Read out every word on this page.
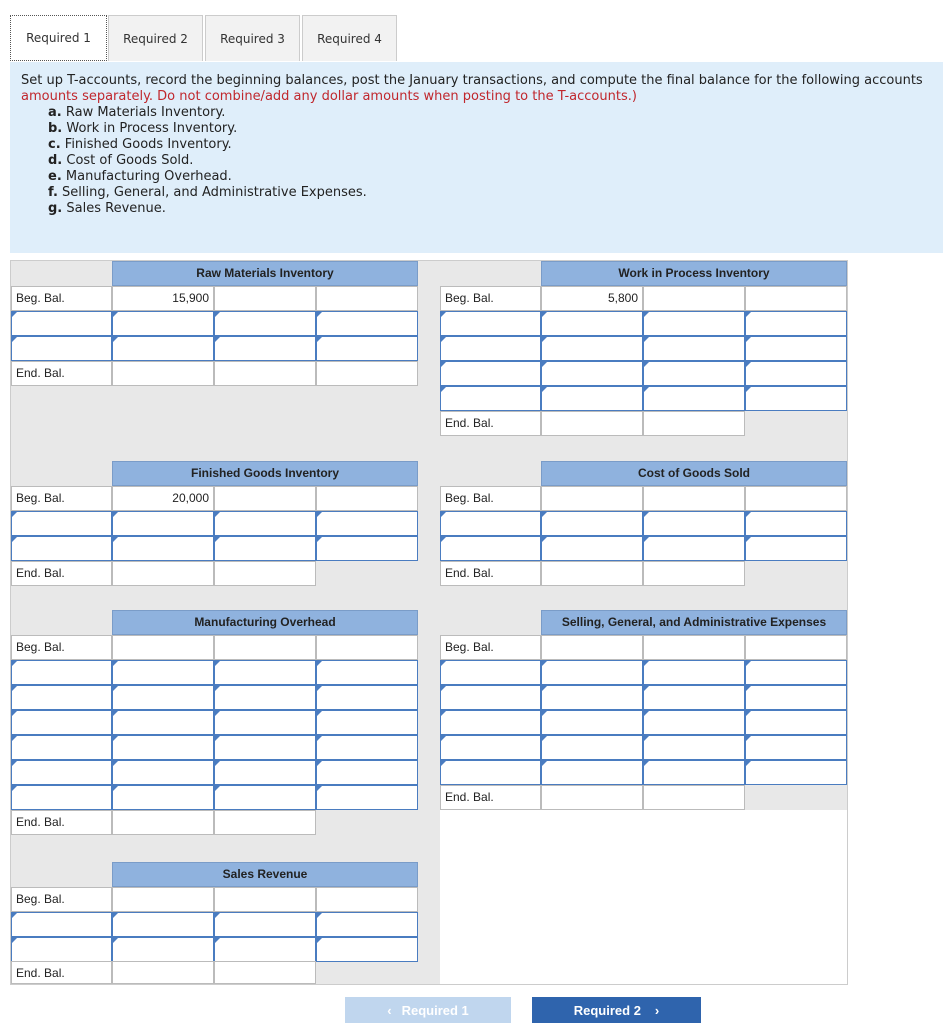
Required 1	Required 2	Required 3	Required 4
Set up T-accounts, record the beginning balances, post the January transactions, and compute the final balance for the following accounts
amounts separately. Do not combine/add any dollar amounts when posting to the T-accounts.)
a. Raw Materials Inventory.
b. Work in Process Inventory.
c. Finished Goods Inventory.
d. Cost of Goods Sold.
e. Manufacturing Overhead.
f. Selling, General, and Administrative Expenses.
g. Sales Revenue.
Raw Materials Inventory
Beg. Bal.	15,900
End. Bal.
Work in Process Inventory
Beg. Bal.	5,800
End. Bal.
Finished Goods Inventory
Beg. Bal.	20,000
End. Bal.
Cost of Goods Sold
Beg. Bal.
End. Bal.
Manufacturing Overhead
Beg. Bal.
End. Bal.
Selling, General, and Administrative Expenses
Beg. Bal.
End. Bal.
Sales Revenue
Beg. Bal.
End. Bal.
‹ Required 1	Required 2 ›
